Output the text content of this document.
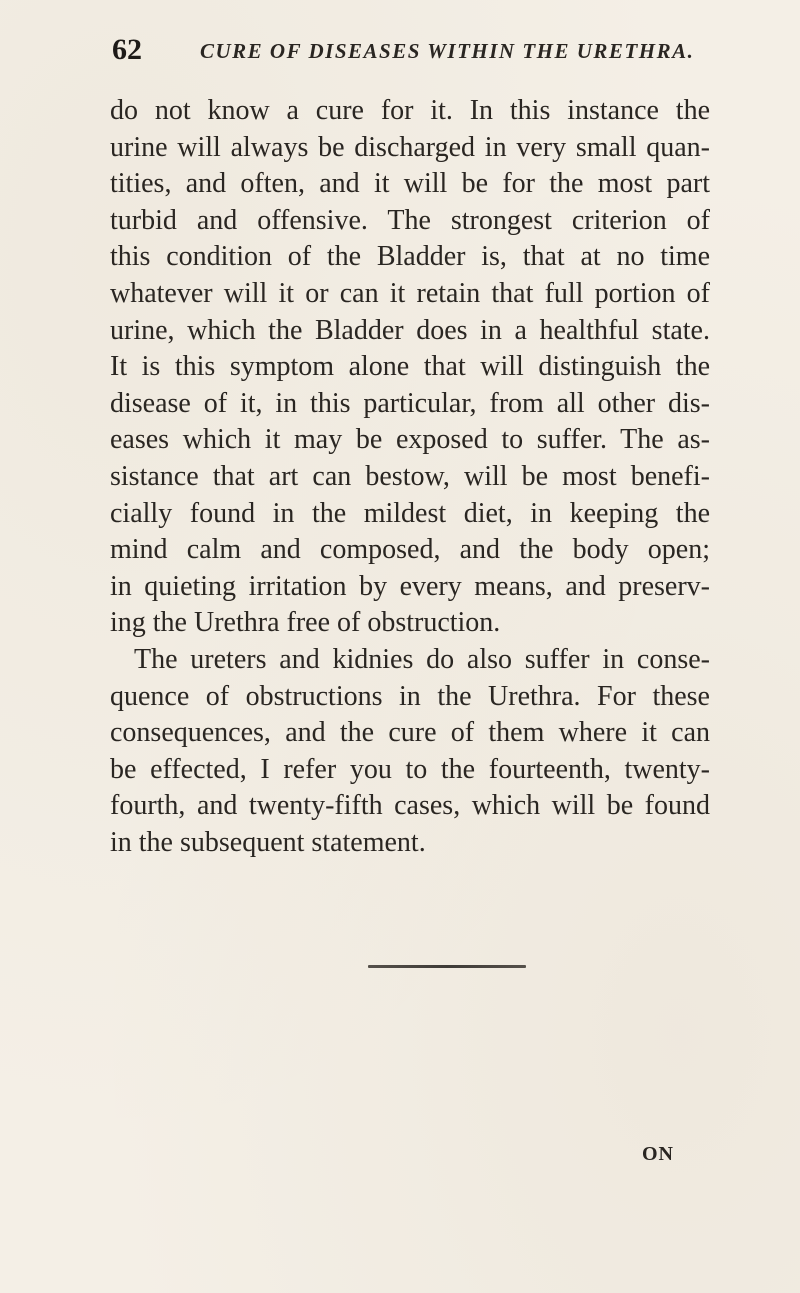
62	CURE OF DISEASES WITHIN THE URETHRA.
do not know a cure for it. In this instance the
urine will always be discharged in very small quan-
tities, and often, and it will be for the most part
turbid and offensive. The strongest criterion of
this condition of the Bladder is, that at no time
whatever will it or can it retain that full portion of
urine, which the Bladder does in a healthful state.
It is this symptom alone that will distinguish the
disease of it, in this particular, from all other dis-
eases which it may be exposed to suffer. The as-
sistance that art can bestow, will be most benefi-
cially found in the mildest diet, in keeping the
mind calm and composed, and the body open;
in quieting irritation by every means, and preserv-
ing the Urethra free of obstruction.
The ureters and kidnies do also suffer in conse-
quence of obstructions in the Urethra. For these
consequences, and the cure of them where it can
be effected, I refer you to the fourteenth, twenty-
fourth, and twenty-fifth cases, which will be found
in the subsequent statement.
ON
